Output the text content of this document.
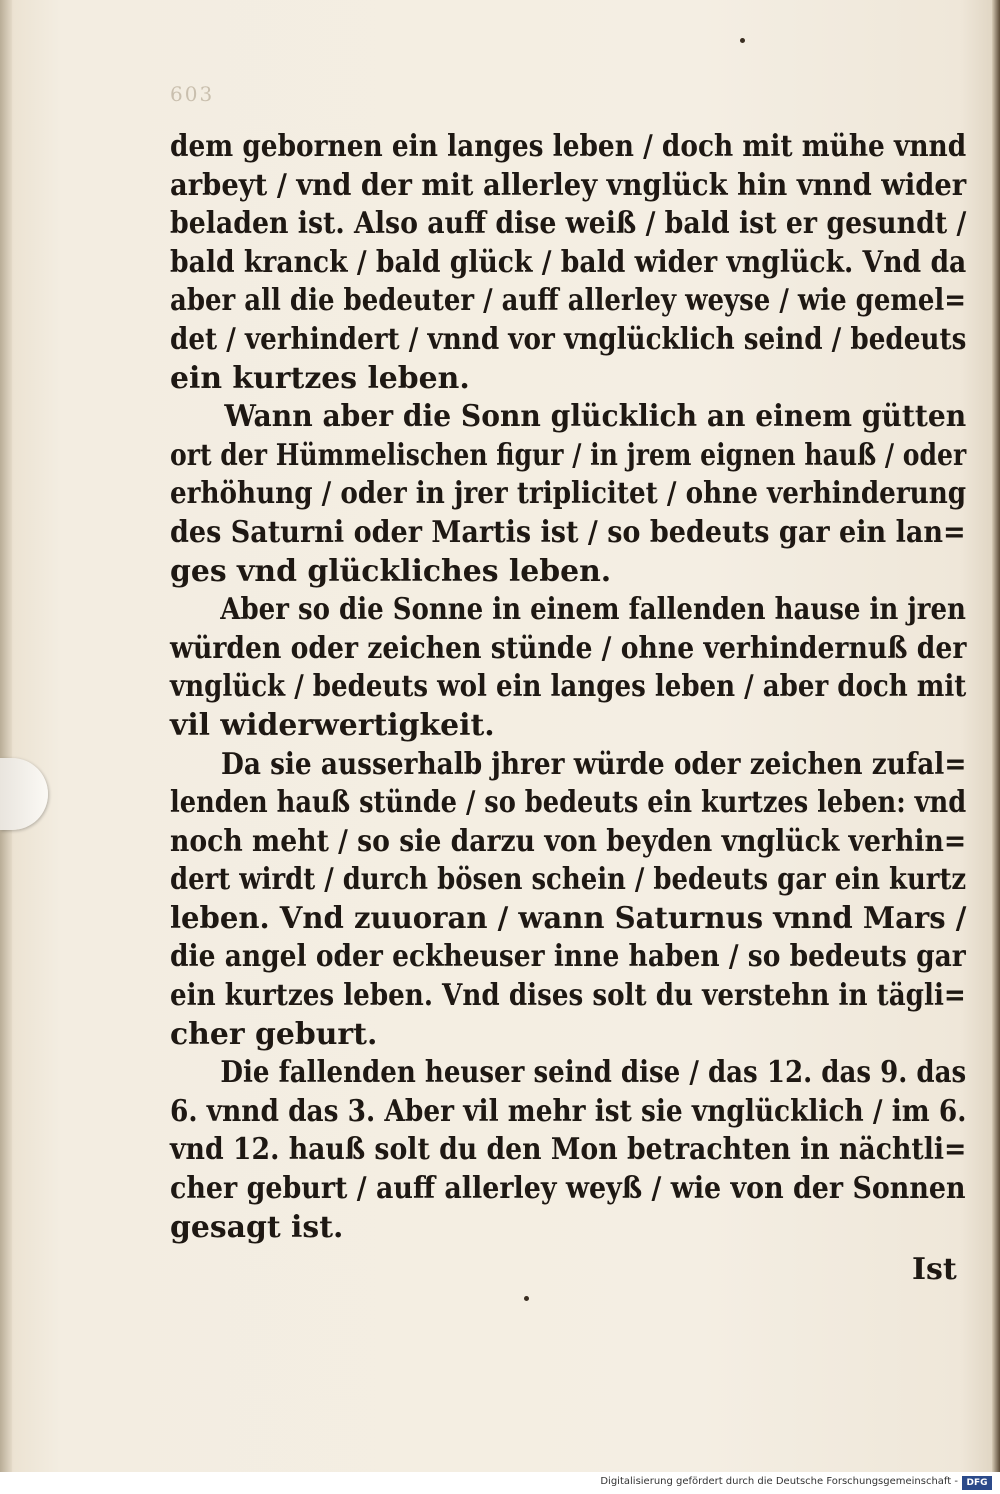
603
dem gebornen ein langes leben / doch mit mühe vnnd
arbeyt / vnd der mit allerley vnglück hin vnnd wider
beladen ist. Also auff dise weiß / bald ist er gesundt /
bald kranck / bald glück / bald wider vnglück. Vnd da
aber all die bedeuter / auff allerley weyse / wie gemel=
det / verhindert / vnnd vor vnglücklich seind / bedeuts
ein kurtzes leben.
Wann aber die Sonn glücklich an einem gütten
ort der Hümmelischen figur / in jrem eignen hauß / oder
erhöhung / oder in jrer triplicitet / ohne verhinderung
des Saturni oder Martis ist / so bedeuts gar ein lan=
ges vnd glückliches leben.
Aber so die Sonne in einem fallenden hause in jren
würden oder zeichen stünde / ohne verhindernuß der
vnglück / bedeuts wol ein langes leben / aber doch mit
vil widerwertigkeit.
Da sie ausserhalb jhrer würde oder zeichen zufal=
lenden hauß stünde / so bedeuts ein kurtzes leben: vnd
noch meht / so sie darzu von beyden vnglück verhin=
dert wirdt / durch bösen schein / bedeuts gar ein kurtz
leben. Vnd zuuoran / wann Saturnus vnnd Mars /
die angel oder eckheuser inne haben / so bedeuts gar
ein kurtzes leben. Vnd dises solt du verstehn in tägli=
cher geburt.
Die fallenden heuser seind dise / das 12. das 9. das
6. vnnd das 3. Aber vil mehr ist sie vnglücklich / im 6.
vnd 12. hauß solt du den Mon betrachten in nächtli=
cher geburt / auff allerley weyß / wie von der Sonnen
gesagt ist.
Ist
Digitalisierung gefördert durch die Deutsche Forschungsgemeinschaft - DFG
